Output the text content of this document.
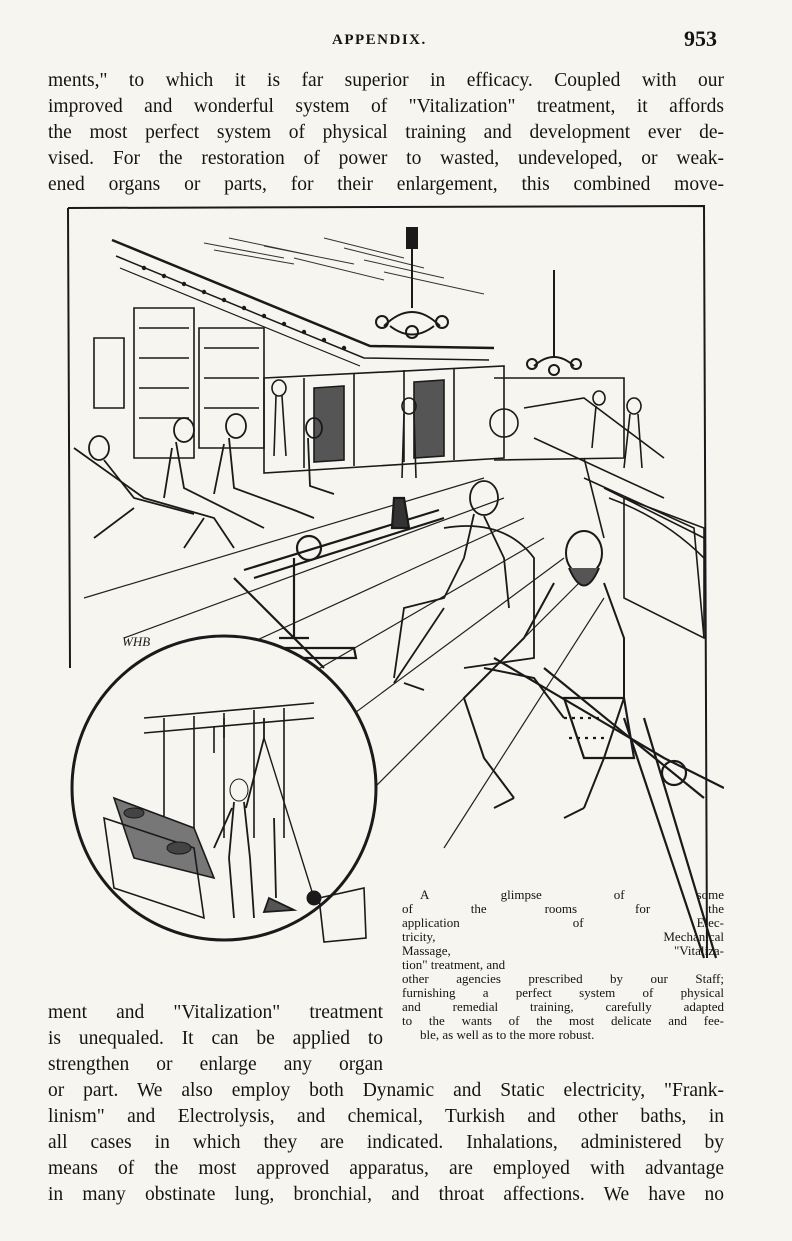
APPENDIX.	953
ments," to which it is far superior in efficacy. Coupled with our
improved and wonderful system of "Vitalization" treatment, it affords
the most perfect system of physical training and development ever de-
vised. For the restoration of power to wasted, undeveloped, or weak-
ened organs or parts, for their enlargement, this combined move-
WHB
A glimpse of some
of the rooms for the
application of Elec-
tricity, Mechanical
Massage, "Vitaliza-
tion" treatment, and
other agencies prescribed by our Staff;
furnishing a perfect system of physical
and remedial training, carefully adapted
to the wants of the most delicate and fee-
ble, as well as to the more robust.
ment and "Vitalization" treatment
is unequaled. It can be applied to
strengthen or enlarge any organ
or part. We also employ both Dynamic and Static electricity, "Frank-
linism" and Electrolysis, and chemical, Turkish and other baths, in
all cases in which they are indicated. Inhalations, administered by
means of the most approved apparatus, are employed with advantage
in many obstinate lung, bronchial, and throat affections. We have no
